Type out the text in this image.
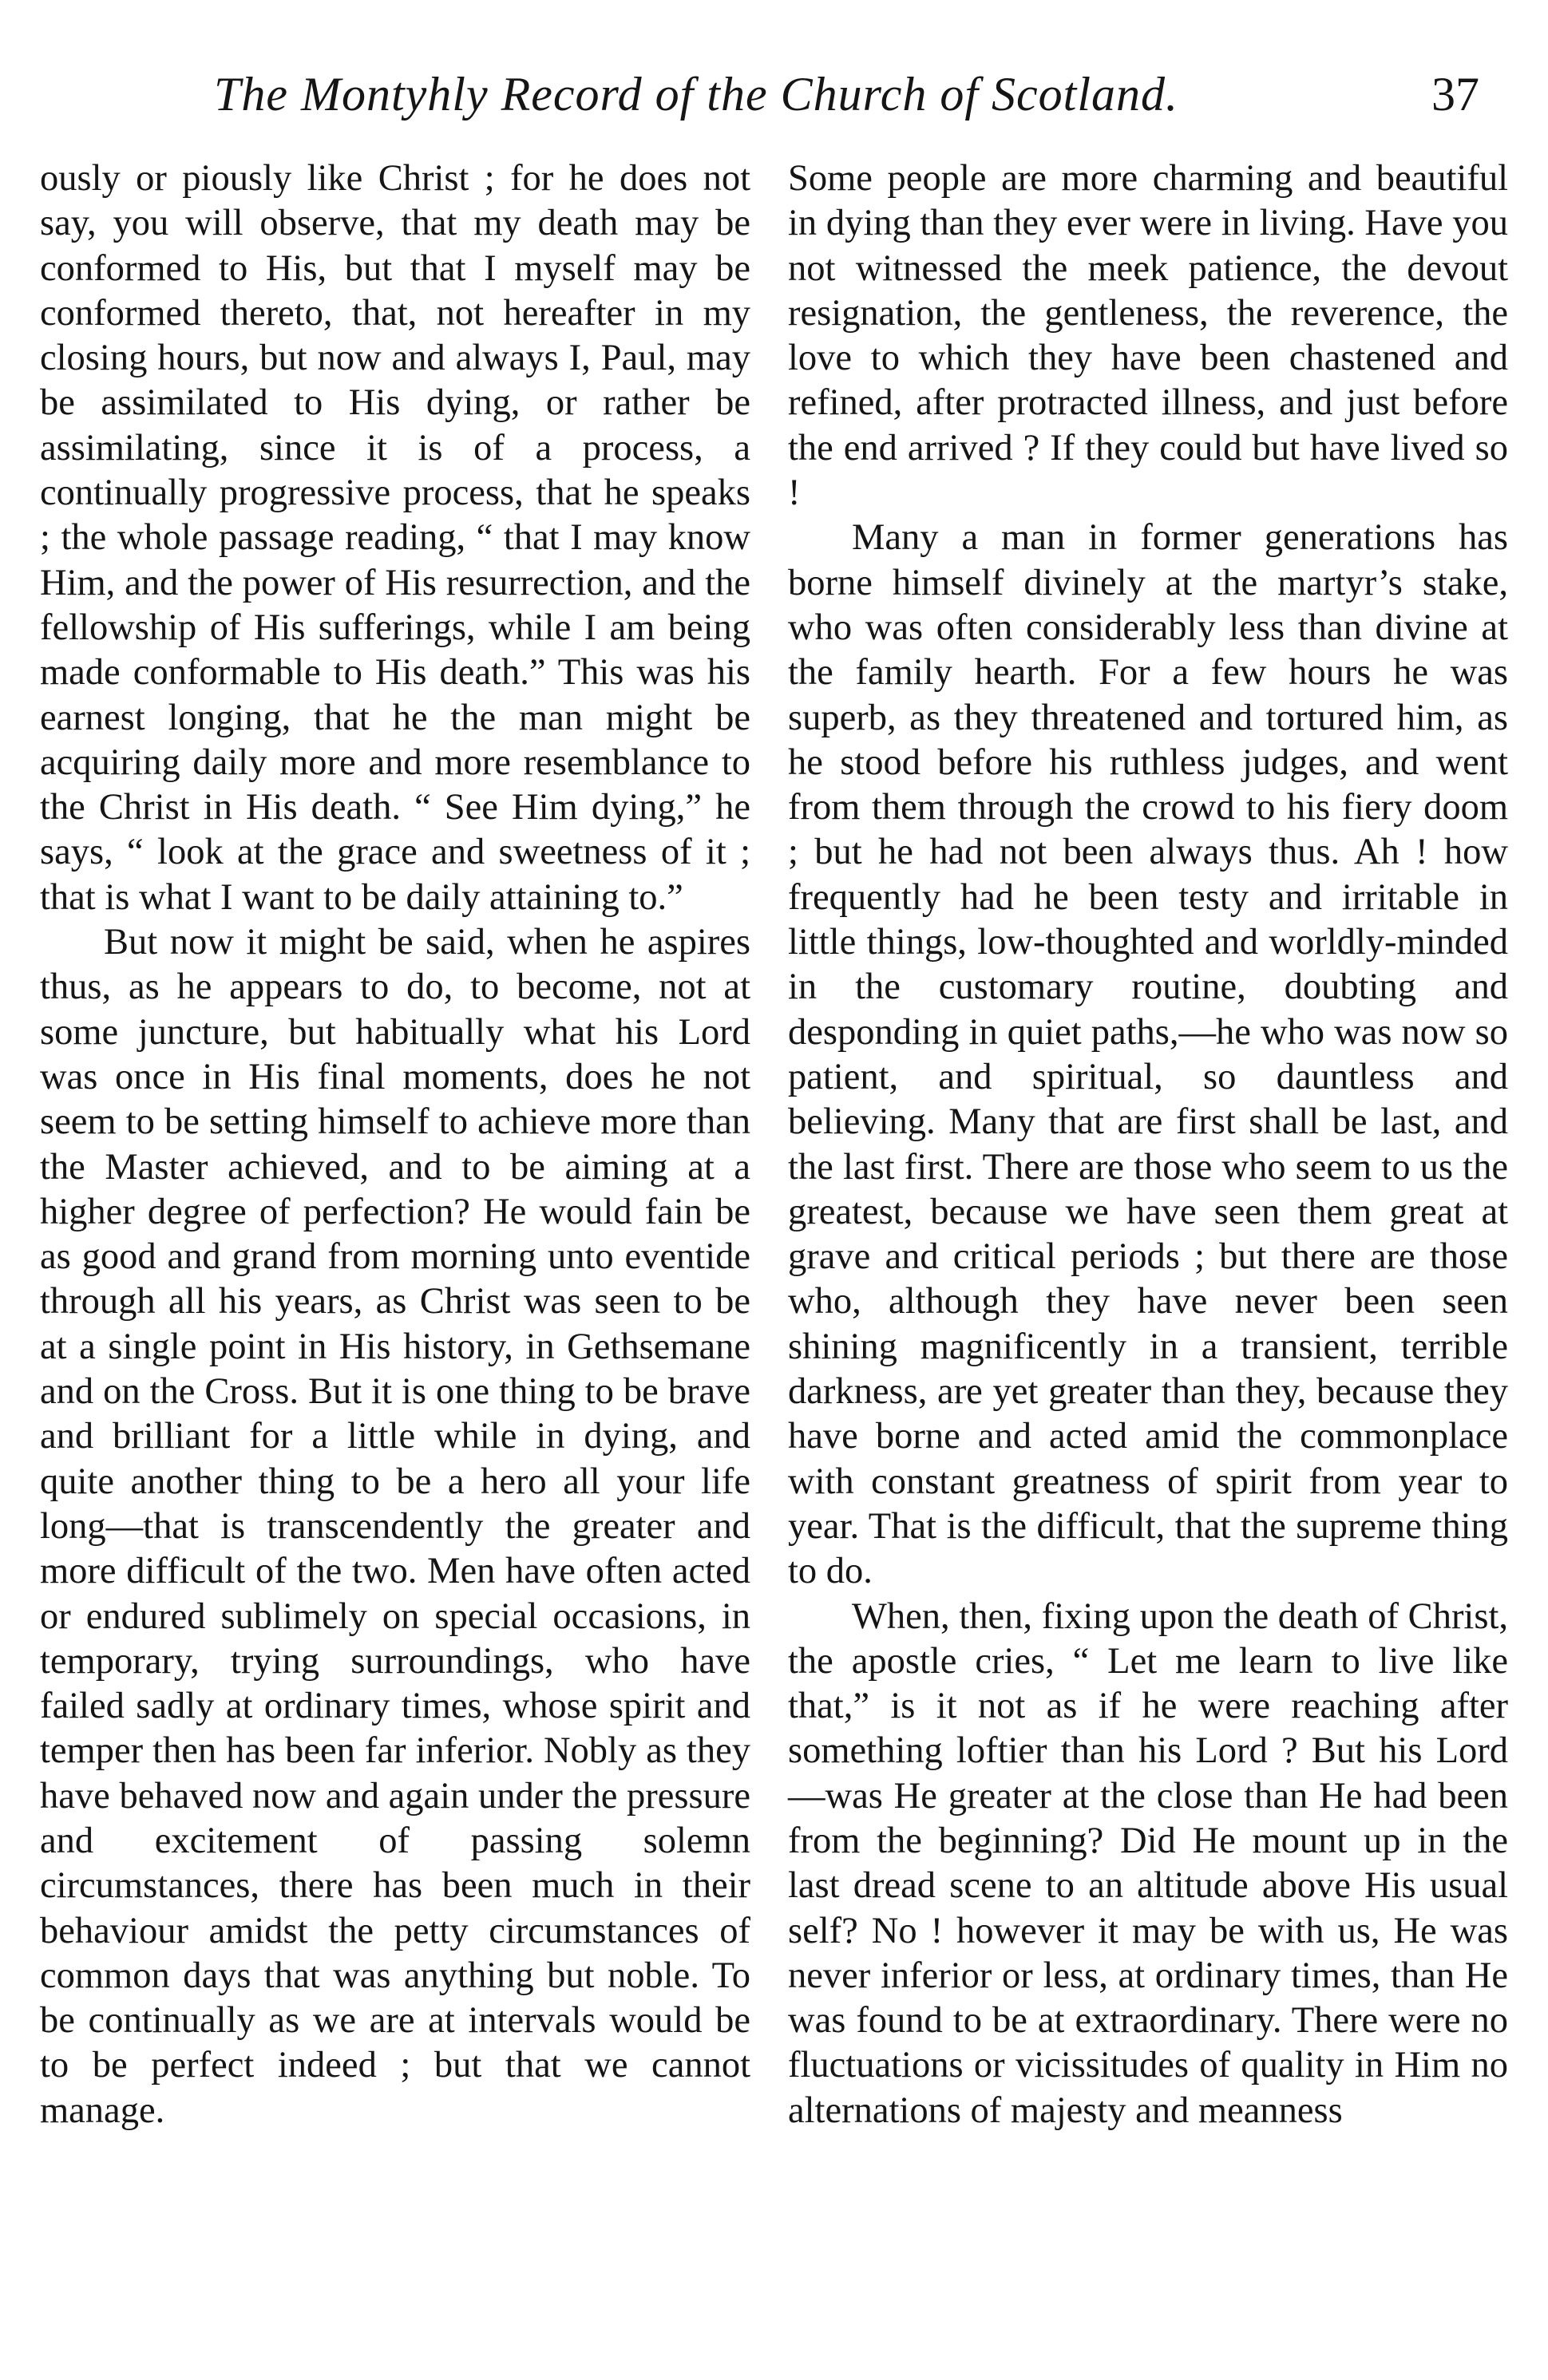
The Montyhly Record of the Church of Scotland.	37

ously or piously like Christ ; for he does not say, you will observe, that my death may be conformed to His, but that I myself may be conformed thereto, that, not hereafter in my closing hours, but now and always I, Paul, may be assimilated to His dying, or rather be assimilating, since it is of a process, a continually progressive process, that he speaks ; the whole passage reading, “ that I may know Him, and the power of His resurrection, and the fellowship of His sufferings, while I am being made conformable to His death.” This was his earnest longing, that he the man might be acquiring daily more and more resemblance to the Christ in His death. “ See Him dying,” he says, “ look at the grace and sweetness of it ; that is what I want to be daily attaining to.”

But now it might be said, when he aspires thus, as he appears to do, to become, not at some juncture, but habitually what his Lord was once in His final moments, does he not seem to be setting himself to achieve more than the Master achieved, and to be aiming at a higher degree of perfection? He would fain be as good and grand from morning unto eventide through all his years, as Christ was seen to be at a single point in His history, in Gethsemane and on the Cross. But it is one thing to be brave and brilliant for a little while in dying, and quite another thing to be a hero all your life long—that is transcendently the greater and more difficult of the two. Men have often acted or endured sublimely on special occasions, in temporary, trying surroundings, who have failed sadly at ordinary times, whose spirit and temper then has been far inferior. Nobly as they have behaved now and again under the pressure and excitement of passing solemn circumstances, there has been much in their behaviour amidst the petty circumstances of common days that was anything but noble. To be continually as we are at intervals would be to be perfect indeed ; but that we cannot manage.

Some people are more charming and beautiful in dying than they ever were in living. Have you not witnessed the meek patience, the devout resignation, the gentleness, the reverence, the love to which they have been chastened and refined, after protracted illness, and just before the end arrived ? If they could but have lived so !

Many a man in former generations has borne himself divinely at the martyr’s stake, who was often considerably less than divine at the family hearth. For a few hours he was superb, as they threatened and tortured him, as he stood before his ruthless judges, and went from them through the crowd to his fiery doom ; but he had not been always thus. Ah ! how frequently had he been testy and irritable in little things, low-thoughted and worldly-minded in the customary routine, doubting and desponding in quiet paths,—he who was now so patient, and spiritual, so dauntless and believing. Many that are first shall be last, and the last first. There are those who seem to us the greatest, because we have seen them great at grave and critical periods ; but there are those who, although they have never been seen shining magnificently in a transient, terrible darkness, are yet greater than they, because they have borne and acted amid the commonplace with constant greatness of spirit from year to year. That is the difficult, that the supreme thing to do.

When, then, fixing upon the death of Christ, the apostle cries, “ Let me learn to live like that,” is it not as if he were reaching after something loftier than his Lord ? But his Lord—was He greater at the close than He had been from the beginning? Did He mount up in the last dread scene to an altitude above His usual self? No ! however it may be with us, He was never inferior or less, at ordinary times, than He was found to be at extraordinary. There were no fluctuations or vicissitudes of quality in Him no alternations of majesty and meanness
